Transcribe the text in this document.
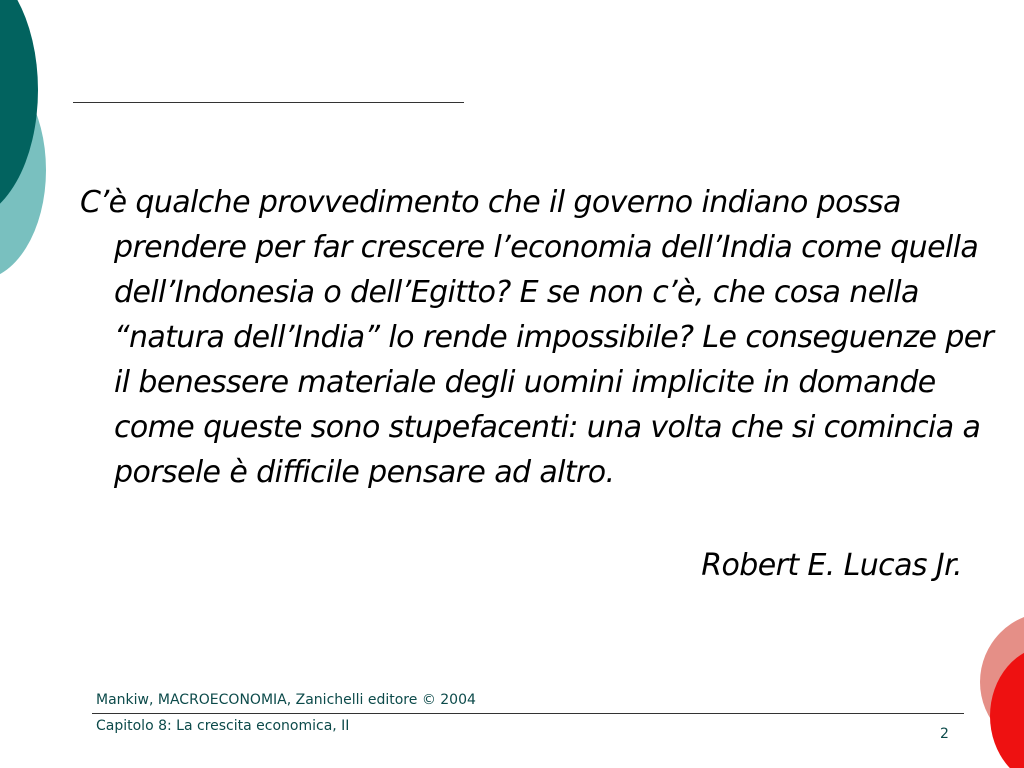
C’è qualche provvedimento che il governo indiano possa prendere per far crescere l’economia dell’India come quella dell’Indonesia o dell’Egitto? E se non c’è, che cosa nella “natura dell’India” lo rende impossibile? Le conseguenze per il benessere materiale degli uomini implicite in domande come queste sono stupefacenti: una volta che si comincia a porsele è difficile pensare ad altro.

Robert E. Lucas Jr.

Mankiw, MACROECONOMIA, Zanichelli editore © 2004
Capitolo 8: La crescita economica, II	2
